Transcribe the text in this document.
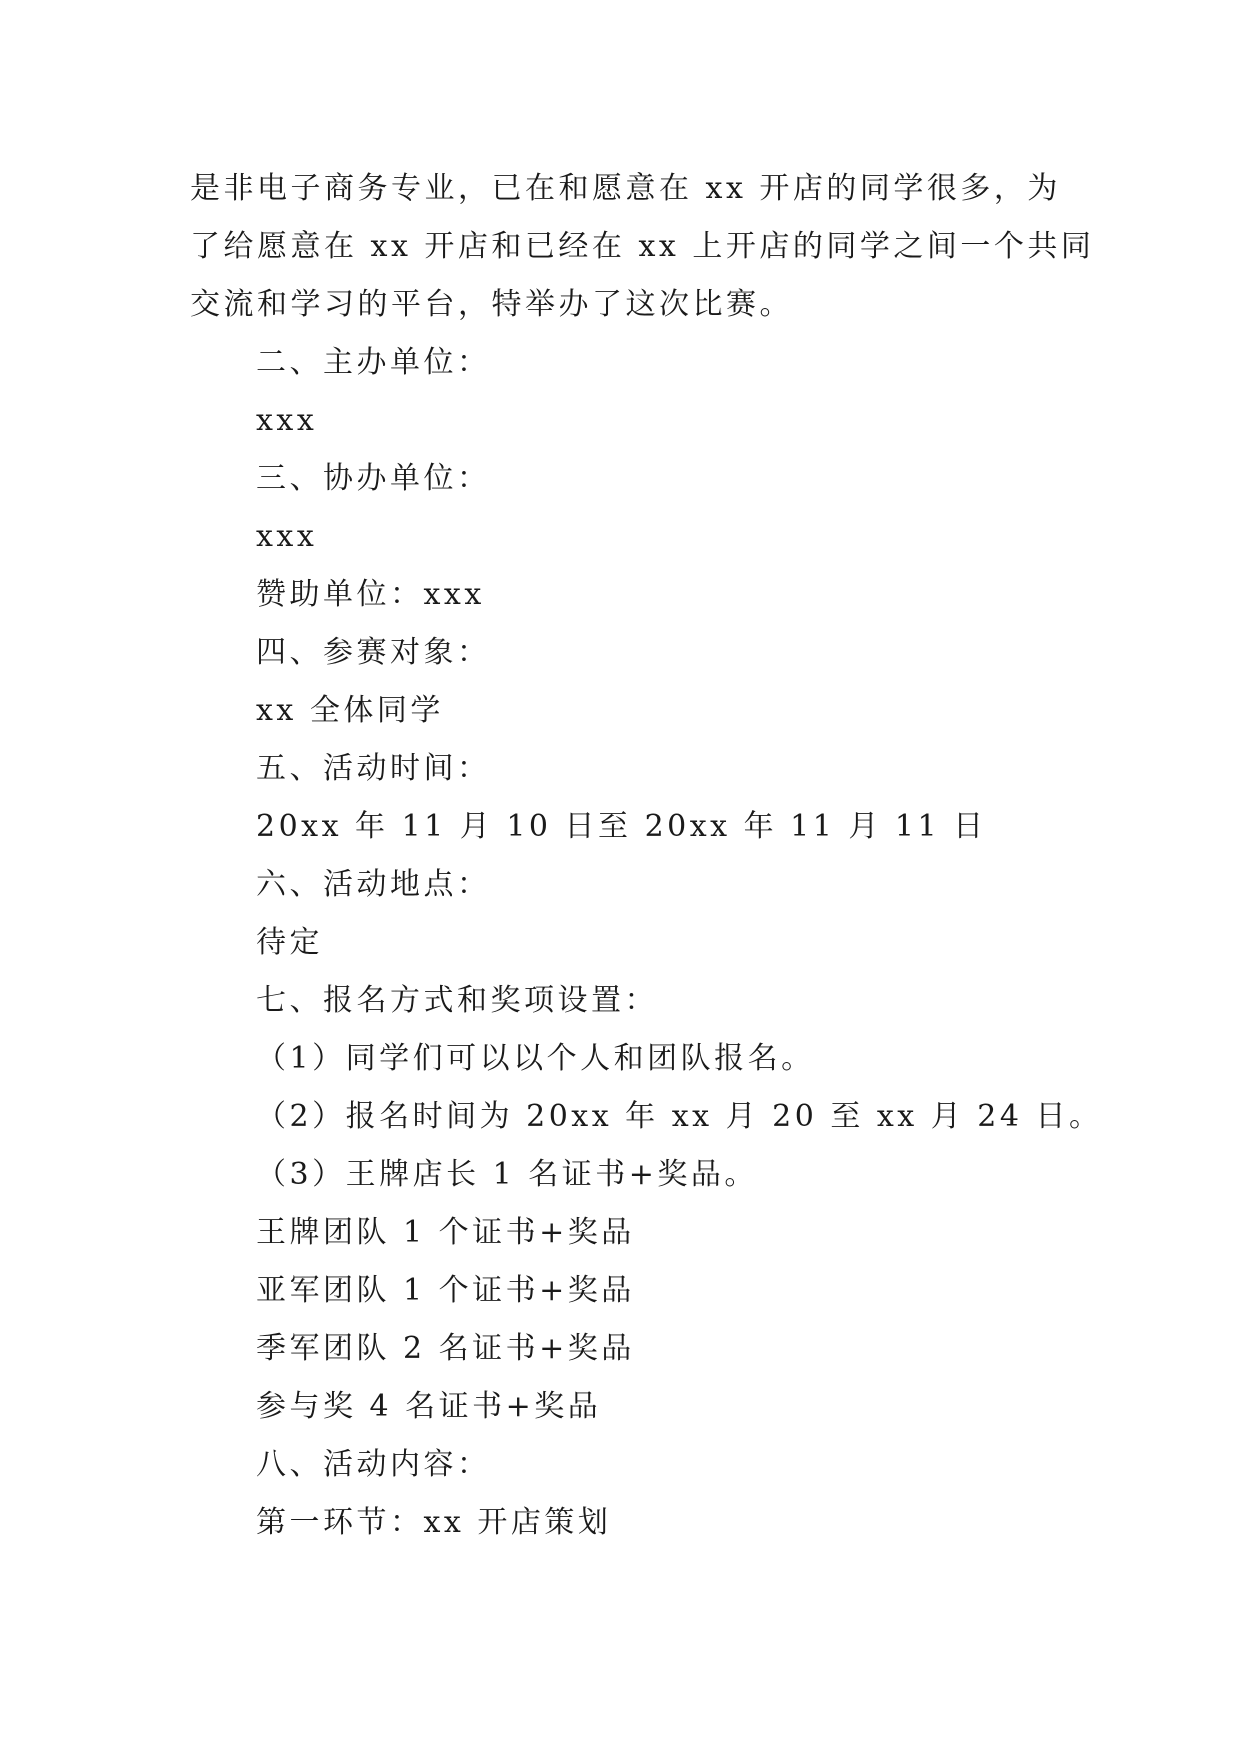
是非电子商务专业，已在和愿意在 xx 开店的同学很多，为
了给愿意在 xx 开店和已经在 xx 上开店的同学之间一个共同
交流和学习的平台，特举办了这次比赛。
二、主办单位：
xxx
三、协办单位：
xxx
赞助单位：xxx
四、参赛对象：
xx 全体同学
五、活动时间：
20xx 年 11 月 10 日至 20xx 年 11 月 11 日
六、活动地点：
待定
七、报名方式和奖项设置：
（1）同学们可以以个人和团队报名。
（2）报名时间为 20xx 年 xx 月 20 至 xx 月 24 日。
（3）王牌店长 1 名证书+奖品。
王牌团队 1 个证书+奖品
亚军团队 1 个证书+奖品
季军团队 2 名证书+奖品
参与奖 4 名证书+奖品
八、活动内容：
第一环节：xx 开店策划
